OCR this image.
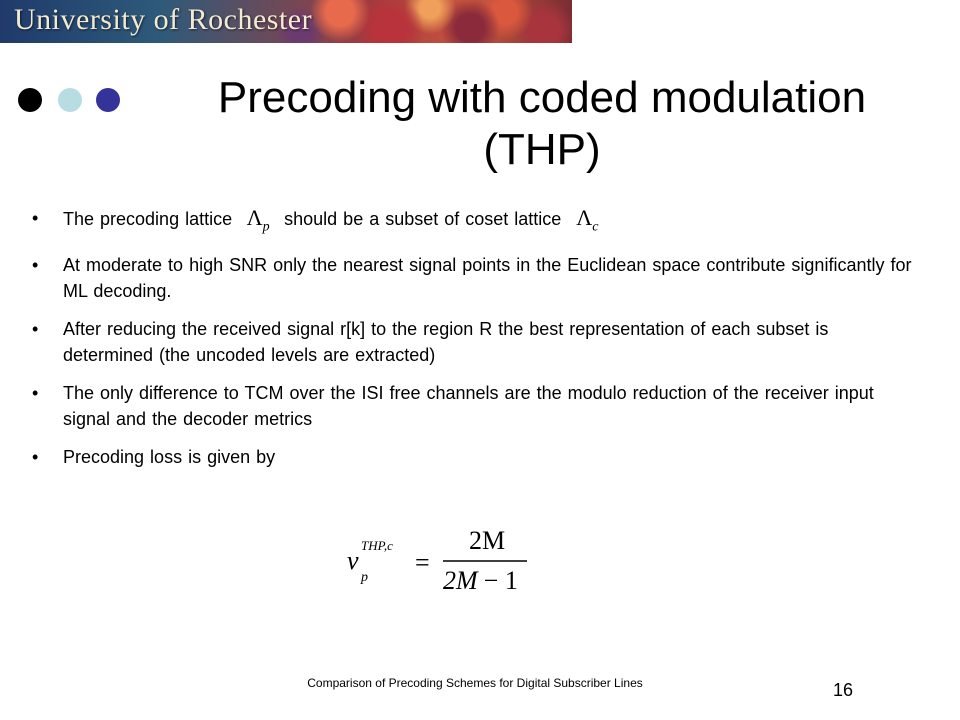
University of Rochester
Precoding with coded modulation
(THP)
• The precoding lattice $\Lambda_p$ should be a subset of coset lattice $\Lambda_c$
• At moderate to high SNR only the nearest signal points in the Euclidean space contribute significantly for ML decoding.
• After reducing the received signal r[k] to the region R the best representation of each subset is determined (the uncoded levels are extracted)
• The only difference to TCM over the ISI free channels are the modulo reduction of the receiver input signal and the decoder metrics
• Precoding loss is given by
v
THP,c
p
=
2M
2M − 1
Comparison of Precoding Schemes for Digital Subscriber Lines	16
